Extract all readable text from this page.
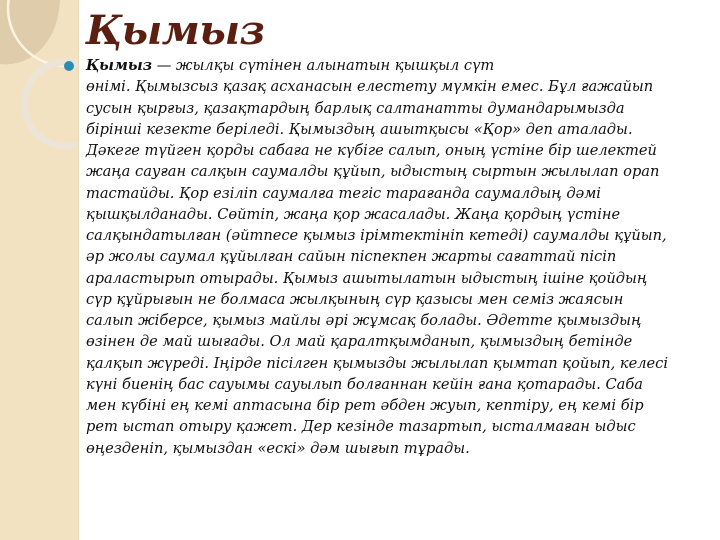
Қымыз

Қымыз — жылқы сүтінен алынатын қышқыл сүт
өнімі. Қымызсыз қазақ асханасын елестету мүмкін емес. Бұл ғажайып
сусын қырғыз, қазақтардың барлық салтанатты думандарымызда
бірінші кезекте беріледі. Қымыздың ашытқысы «Қор» деп аталады.
Дәкеге түйген қорды сабаға не күбіге салып, оның үстіне бір шелектей
жаңа сауған салқын саумалды құйып, ыдыстың сыртын жылылап орап
тастайды. Қор езіліп саумалға тегіс тарағанда саумалдың дәмі
қышқылданады. Сөйтіп, жаңа қор жасалады. Жаңа қордың үстіне
салқындатылған (әйтпесе қымыз ірімтектініп кетеді) саумалды құйып,
әр жолы саумал құйылған сайын піспекпен жарты сағаттай пісіп
араластырып отырады. Қымыз ашытылатын ыдыстың ішіне қойдың
сүр құйрығын не болмаса жылқының сүр қазысы мен семіз жаясын
салып жіберсе, қымыз майлы әрі жұмсақ болады. Әдетте қымыздың
өзінен де май шығады. Ол май қаралтқымданып, қымыздың бетінде
қалқып жүреді. Іңірде пісілген қымызды жылылап қымтап қойып, келесі
күні биенің бас сауымы сауылып болғаннан кейін ғана қотарады. Саба
мен күбіні ең кемі аптасына бір рет әбден жуып, кептіру, ең кемі бір
рет ыстап отыру қажет. Дер кезінде тазартып, ысталмаған ыдыс
өңезденіп, қымыздан «ескі» дәм шығып тұрады.
